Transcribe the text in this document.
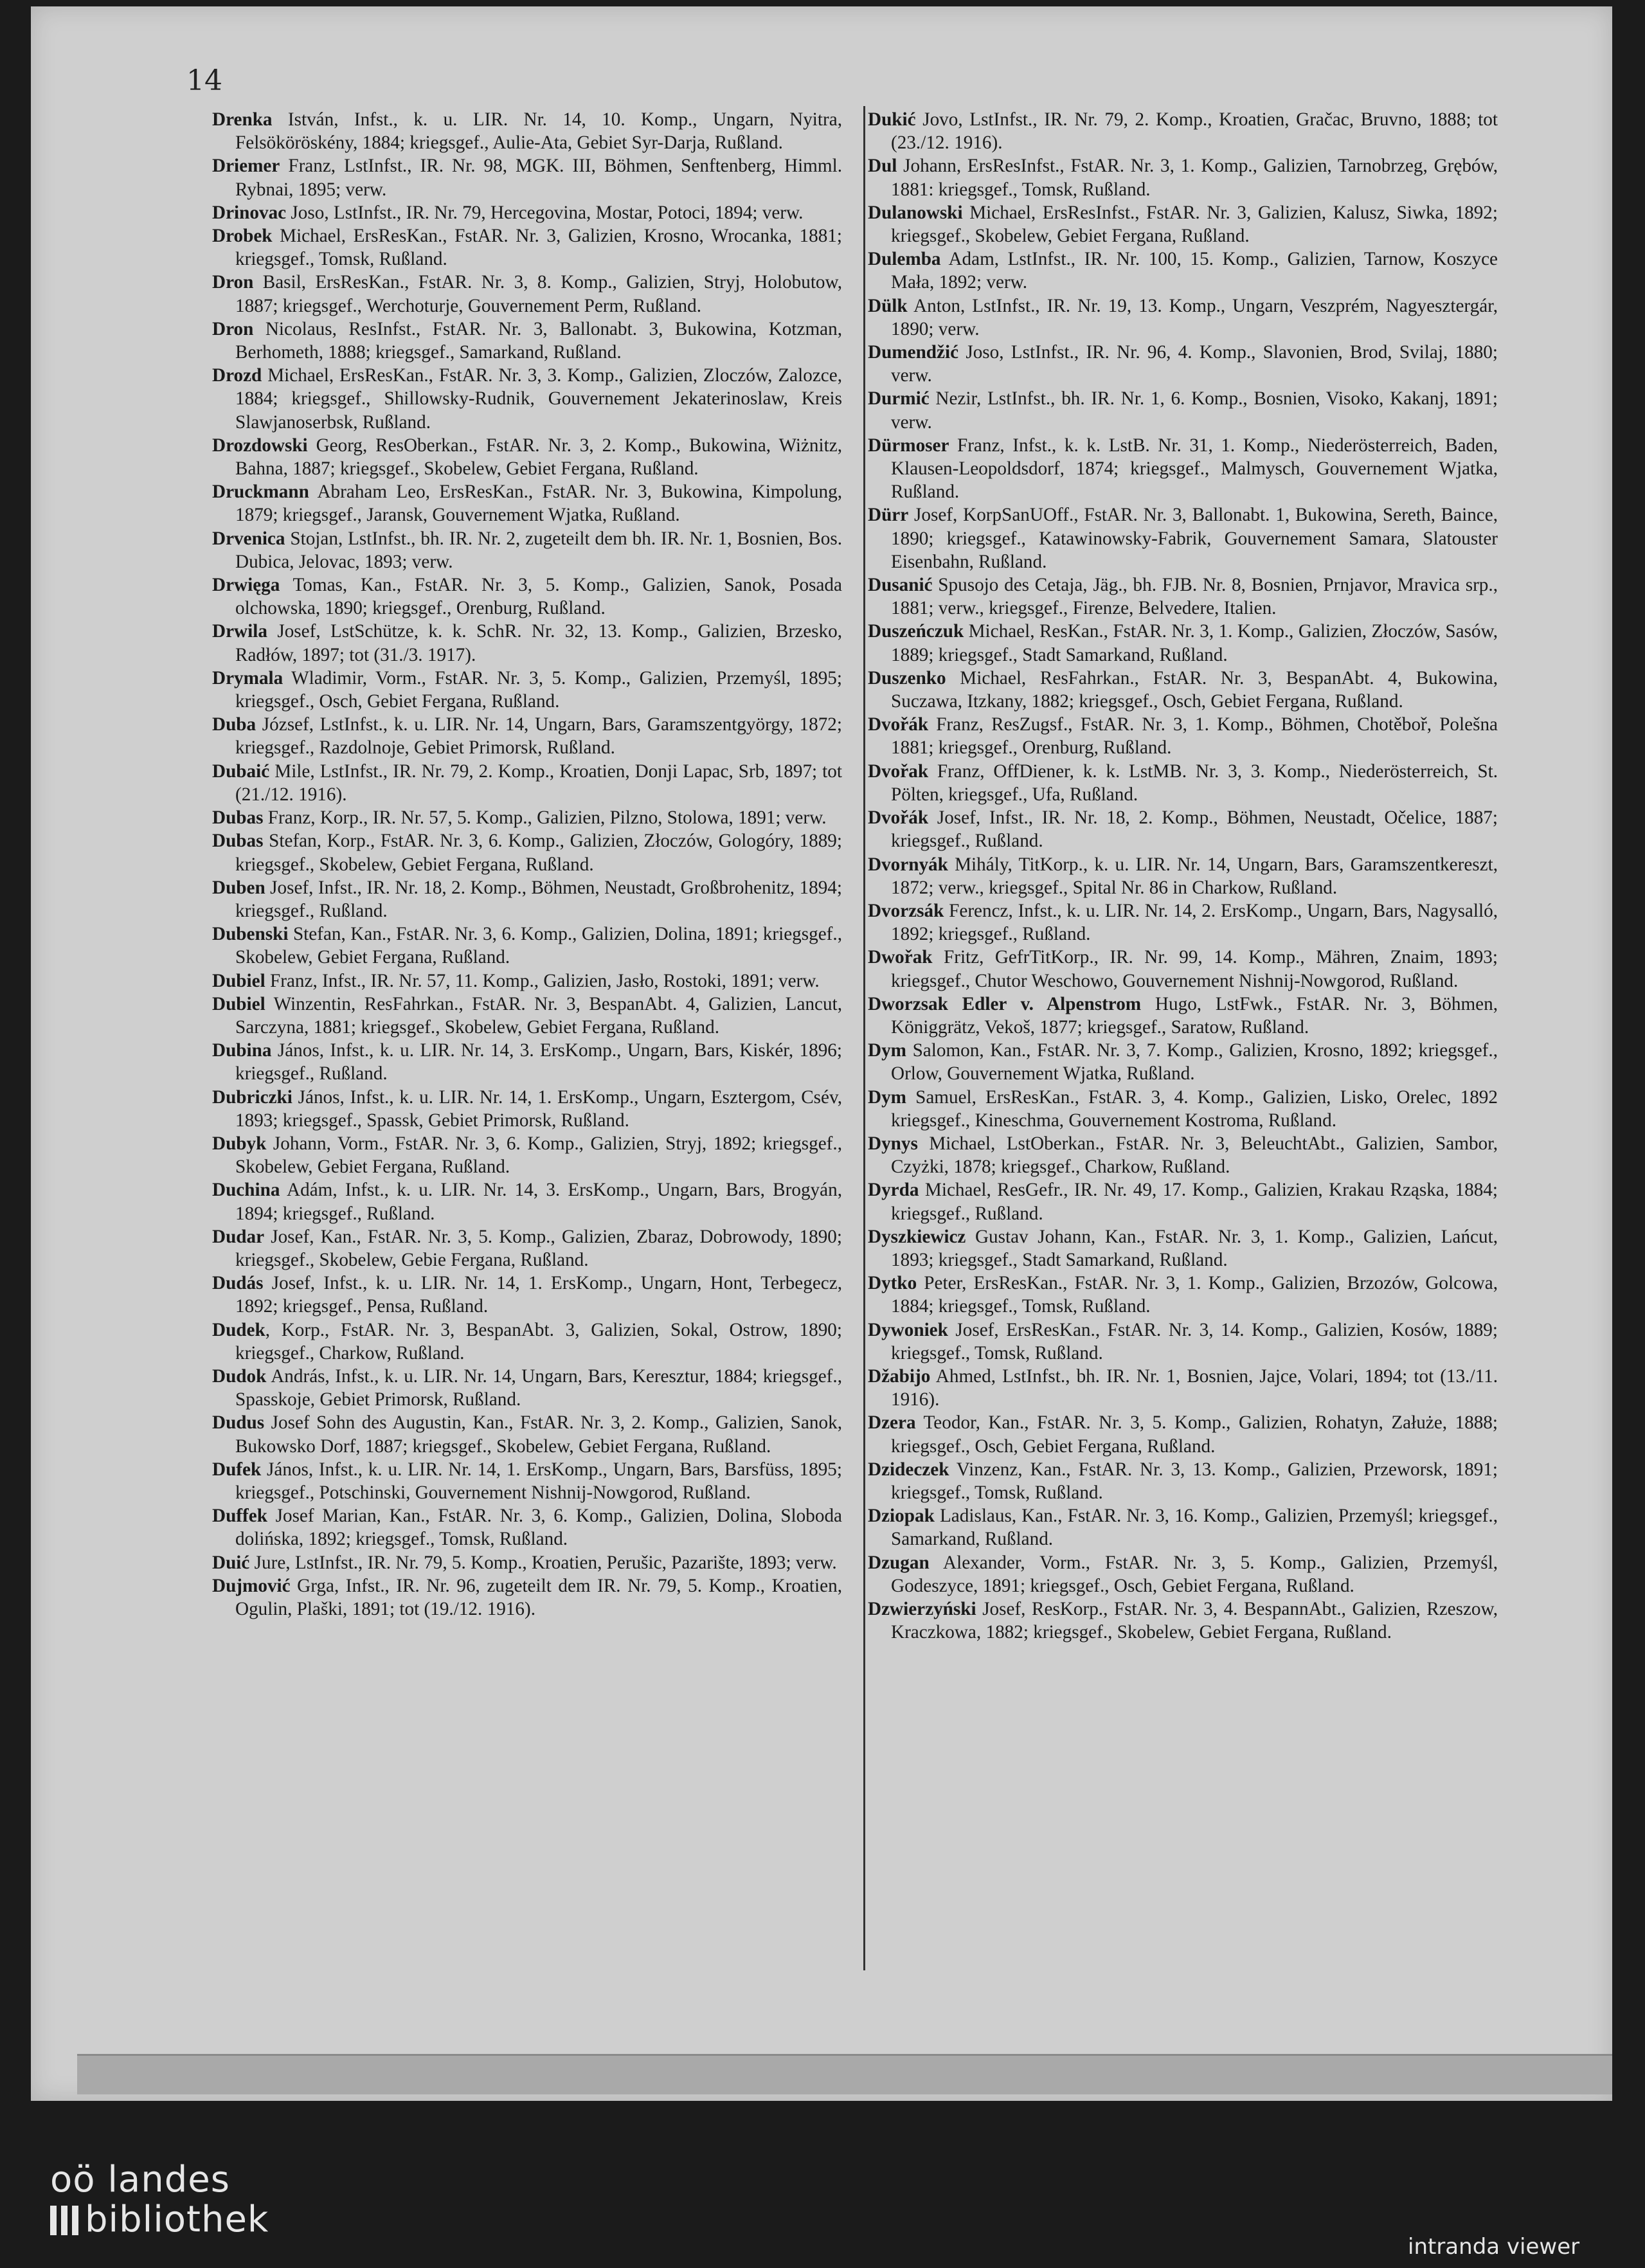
14

Drenka István, Infst., k. u. LIR. Nr. 14, 10. Komp., Ungarn, Nyitra, Felsököröskény, 1884; kriegsgef., Aulie-Ata, Gebiet Syr-Darja, Rußland.

Driemer Franz, LstInfst., IR. Nr. 98, MGK. III, Böhmen, Senftenberg, Himml. Rybnai, 1895; verw.

Drinovac Joso, LstInfst., IR. Nr. 79, Hercegovina, Mostar, Potoci, 1894; verw.

Drobek Michael, ErsResKan., FstAR. Nr. 3, Galizien, Krosno, Wrocanka, 1881; kriegsgef., Tomsk, Rußland.

Dron Basil, ErsResKan., FstAR. Nr. 3, 8. Komp., Galizien, Stryj, Holobutow, 1887; kriegsgef., Werchoturje, Gouvernement Perm, Rußland.

Dron Nicolaus, ResInfst., FstAR. Nr. 3, Ballonabt. 3, Bukowina, Kotzman, Berhometh, 1888; kriegsgef., Samarkand, Rußland.

Drozd Michael, ErsResKan., FstAR. Nr. 3, 3. Komp., Galizien, Zloczów, Zalozce, 1884; kriegsgef., Shillowsky-Rudnik, Gouvernement Jekaterinoslaw, Kreis Slawjanoserbsk, Rußland.

Drozdowski Georg, ResOberkan., FstAR. Nr. 3, 2. Komp., Bukowina, Wiżnitz, Bahna, 1887; kriegsgef., Skobelew, Gebiet Fergana, Rußland.

Druckmann Abraham Leo, ErsResKan., FstAR. Nr. 3, Bukowina, Kimpolung, 1879; kriegsgef., Jaransk, Gouvernement Wjatka, Rußland.

Drvenica Stojan, LstInfst., bh. IR. Nr. 2, zugeteilt dem bh. IR. Nr. 1, Bosnien, Bos. Dubica, Jelovac, 1893; verw.

Drwięga Tomas, Kan., FstAR. Nr. 3, 5. Komp., Galizien, Sanok, Posada olchowska, 1890; kriegsgef., Orenburg, Rußland.

Drwila Josef, LstSchütze, k. k. SchR. Nr. 32, 13. Komp., Galizien, Brzesko, Radłów, 1897; tot (31./3. 1917).

Drymala Wladimir, Vorm., FstAR. Nr. 3, 5. Komp., Galizien, Przemyśl, 1895; kriegsgef., Osch, Gebiet Fergana, Rußland.

Duba József, LstInfst., k. u. LIR. Nr. 14, Ungarn, Bars, Garamszentgyörgy, 1872; kriegsgef., Razdolnoje, Gebiet Primorsk, Rußland.

Dubaić Mile, LstInfst., IR. Nr. 79, 2. Komp., Kroatien, Donji Lapac, Srb, 1897; tot (21./12. 1916).

Dubas Franz, Korp., IR. Nr. 57, 5. Komp., Galizien, Pilzno, Stolowa, 1891; verw.

Dubas Stefan, Korp., FstAR. Nr. 3, 6. Komp., Galizien, Złoczów, Gologóry, 1889; kriegsgef., Skobelew, Gebiet Fergana, Rußland.

Duben Josef, Infst., IR. Nr. 18, 2. Komp., Böhmen, Neustadt, Großbrohenitz, 1894; kriegsgef., Rußland.

Dubenski Stefan, Kan., FstAR. Nr. 3, 6. Komp., Galizien, Dolina, 1891; kriegsgef., Skobelew, Gebiet Fergana, Rußland.

Dubiel Franz, Infst., IR. Nr. 57, 11. Komp., Galizien, Jasło, Rostoki, 1891; verw.

Dubiel Winzentin, ResFahrkan., FstAR. Nr. 3, BespanAbt. 4, Galizien, Lancut, Sarczyna, 1881; kriegsgef., Skobelew, Gebiet Fergana, Rußland.

Dubina János, Infst., k. u. LIR. Nr. 14, 3. ErsKomp., Ungarn, Bars, Kiskér, 1896; kriegsgef., Rußland.

Dubriczki János, Infst., k. u. LIR. Nr. 14, 1. ErsKomp., Ungarn, Esztergom, Csév, 1893; kriegsgef., Spassk, Gebiet Primorsk, Rußland.

Dubyk Johann, Vorm., FstAR. Nr. 3, 6. Komp., Galizien, Stryj, 1892; kriegsgef., Skobelew, Gebiet Fergana, Rußland.

Duchina Adám, Infst., k. u. LIR. Nr. 14, 3. ErsKomp., Ungarn, Bars, Brogyán, 1894; kriegsgef., Rußland.

Dudar Josef, Kan., FstAR. Nr. 3, 5. Komp., Galizien, Zbaraz, Dobrowody, 1890; kriegsgef., Skobelew, Gebie Fergana, Rußland.

Dudás Josef, Infst., k. u. LIR. Nr. 14, 1. ErsKomp., Ungarn, Hont, Terbegecz, 1892; kriegsgef., Pensa, Rußland.

Dudek, Korp., FstAR. Nr. 3, BespanAbt. 3, Galizien, Sokal, Ostrow, 1890; kriegsgef., Charkow, Rußland.

Dudok András, Infst., k. u. LIR. Nr. 14, Ungarn, Bars, Keresztur, 1884; kriegsgef., Spasskoje, Gebiet Primorsk, Rußland.

Dudus Josef Sohn des Augustin, Kan., FstAR. Nr. 3, 2. Komp., Galizien, Sanok, Bukowsko Dorf, 1887; kriegsgef., Skobelew, Gebiet Fergana, Rußland.

Dufek János, Infst., k. u. LIR. Nr. 14, 1. ErsKomp., Ungarn, Bars, Barsfüss, 1895; kriegsgef., Potschinski, Gouvernement Nishnij-Nowgorod, Rußland.

Duffek Josef Marian, Kan., FstAR. Nr. 3, 6. Komp., Galizien, Dolina, Sloboda dolińska, 1892; kriegsgef., Tomsk, Rußland.

Duić Jure, LstInfst., IR. Nr. 79, 5. Komp., Kroatien, Perušic, Pazarište, 1893; verw.

Dujmović Grga, Infst., IR. Nr. 96, zugeteilt dem IR. Nr. 79, 5. Komp., Kroatien, Ogulin, Plaški, 1891; tot (19./12. 1916).

Dukić Jovo, LstInfst., IR. Nr. 79, 2. Komp., Kroatien, Gračac, Bruvno, 1888; tot (23./12. 1916).

Dul Johann, ErsResInfst., FstAR. Nr. 3, 1. Komp., Galizien, Tarnobrzeg, Grębów, 1881: kriegsgef., Tomsk, Rußland.

Dulanowski Michael, ErsResInfst., FstAR. Nr. 3, Galizien, Kalusz, Siwka, 1892; kriegsgef., Skobelew, Gebiet Fergana, Rußland.

Dulemba Adam, LstInfst., IR. Nr. 100, 15. Komp., Galizien, Tarnow, Koszyce Mała, 1892; verw.

Dülk Anton, LstInfst., IR. Nr. 19, 13. Komp., Ungarn, Veszprém, Nagyesztergár, 1890; verw.

Dumendžić Joso, LstInfst., IR. Nr. 96, 4. Komp., Slavonien, Brod, Svilaj, 1880; verw.

Durmić Nezir, LstInfst., bh. IR. Nr. 1, 6. Komp., Bosnien, Visoko, Kakanj, 1891; verw.

Dürmoser Franz, Infst., k. k. LstB. Nr. 31, 1. Komp., Niederösterreich, Baden, Klausen-Leopoldsdorf, 1874; kriegsgef., Malmysch, Gouvernement Wjatka, Rußland.

Dürr Josef, KorpSanUOff., FstAR. Nr. 3, Ballonabt. 1, Bukowina, Sereth, Baince, 1890; kriegsgef., Katawinowsky-Fabrik, Gouvernement Samara, Slatouster Eisenbahn, Rußland.

Dusanić Spusojo des Cetaja, Jäg., bh. FJB. Nr. 8, Bosnien, Prnjavor, Mravica srp., 1881; verw., kriegsgef., Firenze, Belvedere, Italien.

Duszeńczuk Michael, ResKan., FstAR. Nr. 3, 1. Komp., Galizien, Złoczów, Sasów, 1889; kriegsgef., Stadt Samarkand, Rußland.

Duszenko Michael, ResFahrkan., FstAR. Nr. 3, BespanAbt. 4, Bukowina, Suczawa, Itzkany, 1882; kriegsgef., Osch, Gebiet Fergana, Rußland.

Dvořák Franz, ResZugsf., FstAR. Nr. 3, 1. Komp., Böhmen, Chotěboř, Polešna 1881; kriegsgef., Orenburg, Rußland.

Dvořak Franz, OffDiener, k. k. LstMB. Nr. 3, 3. Komp., Niederösterreich, St. Pölten, kriegsgef., Ufa, Rußland.

Dvořák Josef, Infst., IR. Nr. 18, 2. Komp., Böhmen, Neustadt, Očelice, 1887; kriegsgef., Rußland.

Dvornyák Mihály, TitKorp., k. u. LIR. Nr. 14, Ungarn, Bars, Garamszentkereszt, 1872; verw., kriegsgef., Spital Nr. 86 in Charkow, Rußland.

Dvorzsák Ferencz, Infst., k. u. LIR. Nr. 14, 2. ErsKomp., Ungarn, Bars, Nagysalló, 1892; kriegsgef., Rußland.

Dwořak Fritz, GefrTitKorp., IR. Nr. 99, 14. Komp., Mähren, Znaim, 1893; kriegsgef., Chutor Weschowo, Gouvernement Nishnij-Nowgorod, Rußland.

Dworzsak Edler v. Alpenstrom Hugo, LstFwk., FstAR. Nr. 3, Böhmen, Königgrätz, Vekoš, 1877; kriegsgef., Saratow, Rußland.

Dym Salomon, Kan., FstAR. Nr. 3, 7. Komp., Galizien, Krosno, 1892; kriegsgef., Orlow, Gouvernement Wjatka, Rußland.

Dym Samuel, ErsResKan., FstAR. 3, 4. Komp., Galizien, Lisko, Orelec, 1892 kriegsgef., Kineschma, Gouvernement Kostroma, Rußland.

Dynys Michael, LstOberkan., FstAR. Nr. 3, BeleuchtAbt., Galizien, Sambor, Czyżki, 1878; kriegsgef., Charkow, Rußland.

Dyrda Michael, ResGefr., IR. Nr. 49, 17. Komp., Galizien, Krakau Rząska, 1884; kriegsgef., Rußland.

Dyszkiewicz Gustav Johann, Kan., FstAR. Nr. 3, 1. Komp., Galizien, Lańcut, 1893; kriegsgef., Stadt Samarkand, Rußland.

Dytko Peter, ErsResKan., FstAR. Nr. 3, 1. Komp., Galizien, Brzozów, Golcowa, 1884; kriegsgef., Tomsk, Rußland.

Dywoniek Josef, ErsResKan., FstAR. Nr. 3, 14. Komp., Galizien, Kosów, 1889; kriegsgef., Tomsk, Rußland.

Džabijo Ahmed, LstInfst., bh. IR. Nr. 1, Bosnien, Jajce, Volari, 1894; tot (13./11. 1916).

Dzera Teodor, Kan., FstAR. Nr. 3, 5. Komp., Galizien, Rohatyn, Załuże, 1888; kriegsgef., Osch, Gebiet Fergana, Rußland.

Dzideczek Vinzenz, Kan., FstAR. Nr. 3, 13. Komp., Galizien, Przeworsk, 1891; kriegsgef., Tomsk, Rußland.

Dziopak Ladislaus, Kan., FstAR. Nr. 3, 16. Komp., Galizien, Przemyśl; kriegsgef., Samarkand, Rußland.

Dzugan Alexander, Vorm., FstAR. Nr. 3, 5. Komp., Galizien, Przemyśl, Godeszyce, 1891; kriegsgef., Osch, Gebiet Fergana, Rußland.

Dzwierzyński Josef, ResKorp., FstAR. Nr. 3, 4. BespannAbt., Galizien, Rzeszow, Kraczkowa, 1882; kriegsgef., Skobelew, Gebiet Fergana, Rußland.

oö landes
bibliothek
intranda viewer
